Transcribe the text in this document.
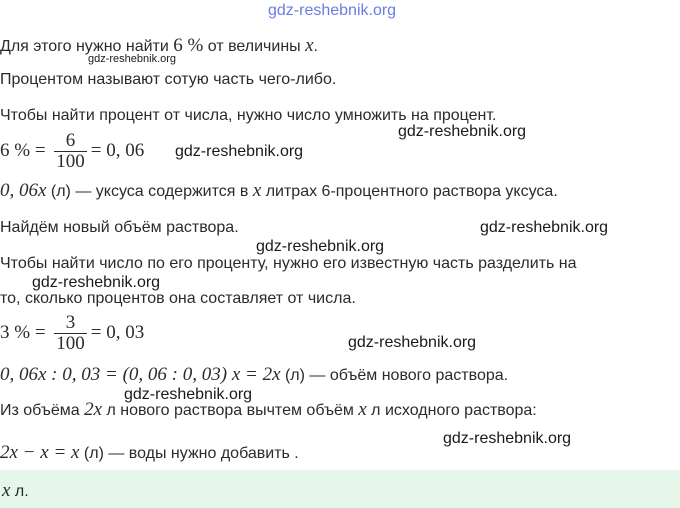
gdz-reshebnik.org
Для этого нужно найти 6 % от величины x.
gdz-reshebnik.org
Процентом называют сотую часть чего-либо.
Чтобы найти процент от числа, нужно число умножить на процент.
gdz-reshebnik.org
6 % = $\frac{6}{100} = 0$, 06 gdz-reshebnik.org
0, 06x (л) — уксуса содержится в x литрах 6-процентного раствора уксуса.
Найдём новый объём раствора.	gdz-reshebnik.org
gdz-reshebnik.org
Чтобы найти число по его проценту, нужно его известную часть разделить на
gdz-reshebnik.org
то, сколько процентов она составляет от числа.
3 % = $\frac{3}{100} = 0$, 03	gdz-reshebnik.org
0, 06x : 0, 03 = (0, 06 : 0, 03) x = 2x (л) — объём нового раствора.
gdz-reshebnik.org
Из объёма 2x л нового раствора вычтем объём x л исходного раствора:
gdz-reshebnik.org
2x − x = x (л) — воды нужно добавить .
x л.
